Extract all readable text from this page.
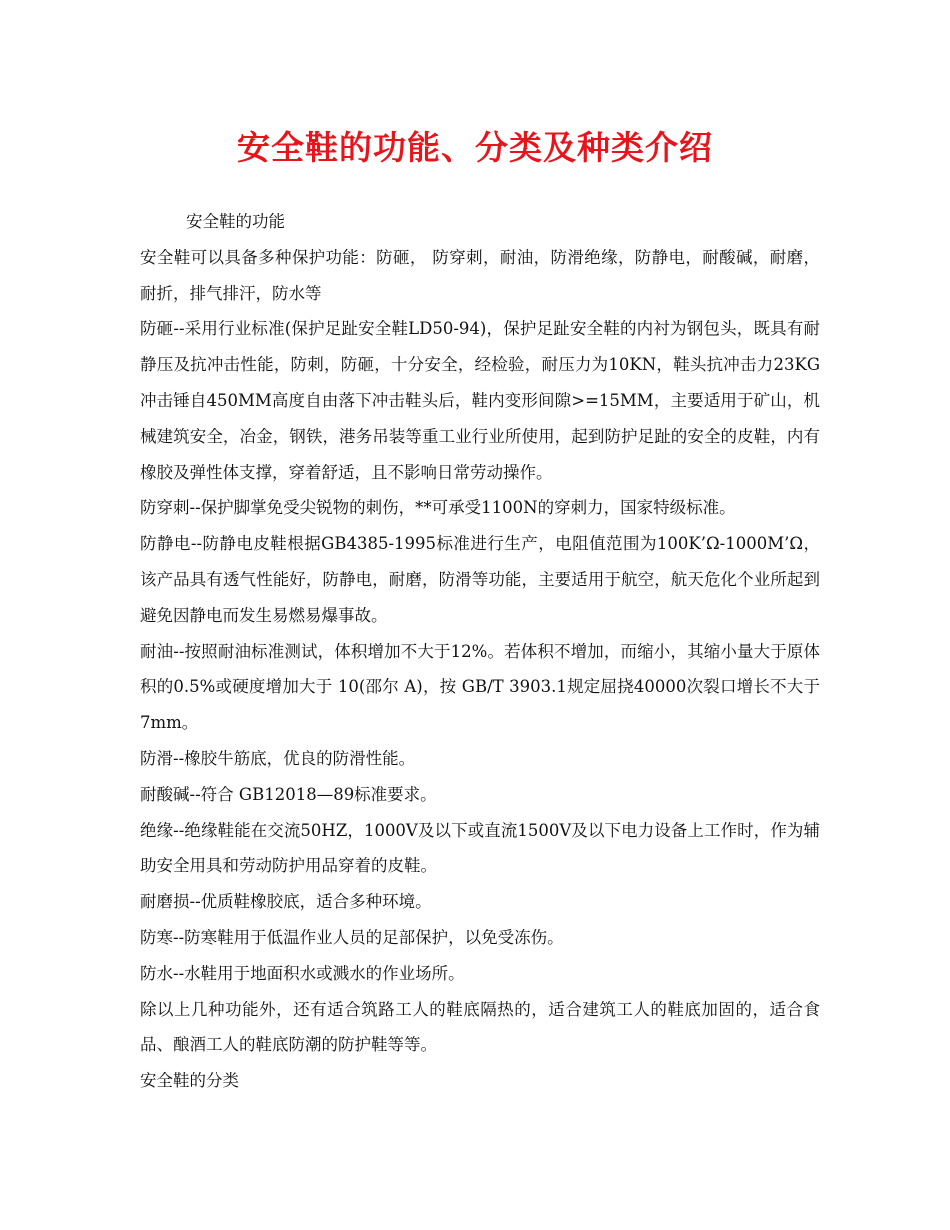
安全鞋的功能、分类及种类介绍

安全鞋的功能

安全鞋可以具备多种保护功能：防砸， 防穿刺，耐油，防滑绝缘，防静电，耐酸碱，耐磨，耐折，排气排汗，防水等

防砸--采用行业标准(保护足趾安全鞋LD50-94)，保护足趾安全鞋的内衬为钢包头，既具有耐静压及抗冲击性能，防刺，防砸，十分安全，经检验，耐压力为10KN，鞋头抗冲击力23KG冲击锤自450MM高度自由落下冲击鞋头后，鞋内变形间隙>=15MM，主要适用于矿山，机械建筑安全，冶金，钢铁，港务吊装等重工业行业所使用，起到防护足趾的安全的皮鞋，内有橡胶及弹性体支撑，穿着舒适，且不影响日常劳动操作。

防穿刺--保护脚掌免受尖锐物的刺伤，**可承受1100N的穿刺力，国家特级标准。

防静电--防静电皮鞋根据GB4385-1995标准进行生产，电阻值范围为100K’Ω-1000M’Ω，该产品具有透气性能好，防静电，耐磨，防滑等功能，主要适用于航空，航天危化个业所起到避免因静电而发生易燃易爆事故。

耐油--按照耐油标准测试，体积增加不大于12%。若体积不增加，而缩小，其缩小量大于原体积的0.5%或硬度增加大于 10(邵尔 A)，按 GB/T 3903.1规定屈挠40000次裂口增长不大于7mm。

防滑--橡胶牛筋底，优良的防滑性能。

耐酸碱--符合 GB12018—89标准要求。

绝缘--绝缘鞋能在交流50HZ，1000V及以下或直流1500V及以下电力设备上工作时，作为辅助安全用具和劳动防护用品穿着的皮鞋。

耐磨损--优质鞋橡胶底，适合多种环境。

防寒--防寒鞋用于低温作业人员的足部保护，以免受冻伤。

防水--水鞋用于地面积水或溅水的作业场所。

除以上几种功能外，还有适合筑路工人的鞋底隔热的，适合建筑工人的鞋底加固的，适合食品、酿酒工人的鞋底防潮的防护鞋等等。

安全鞋的分类
